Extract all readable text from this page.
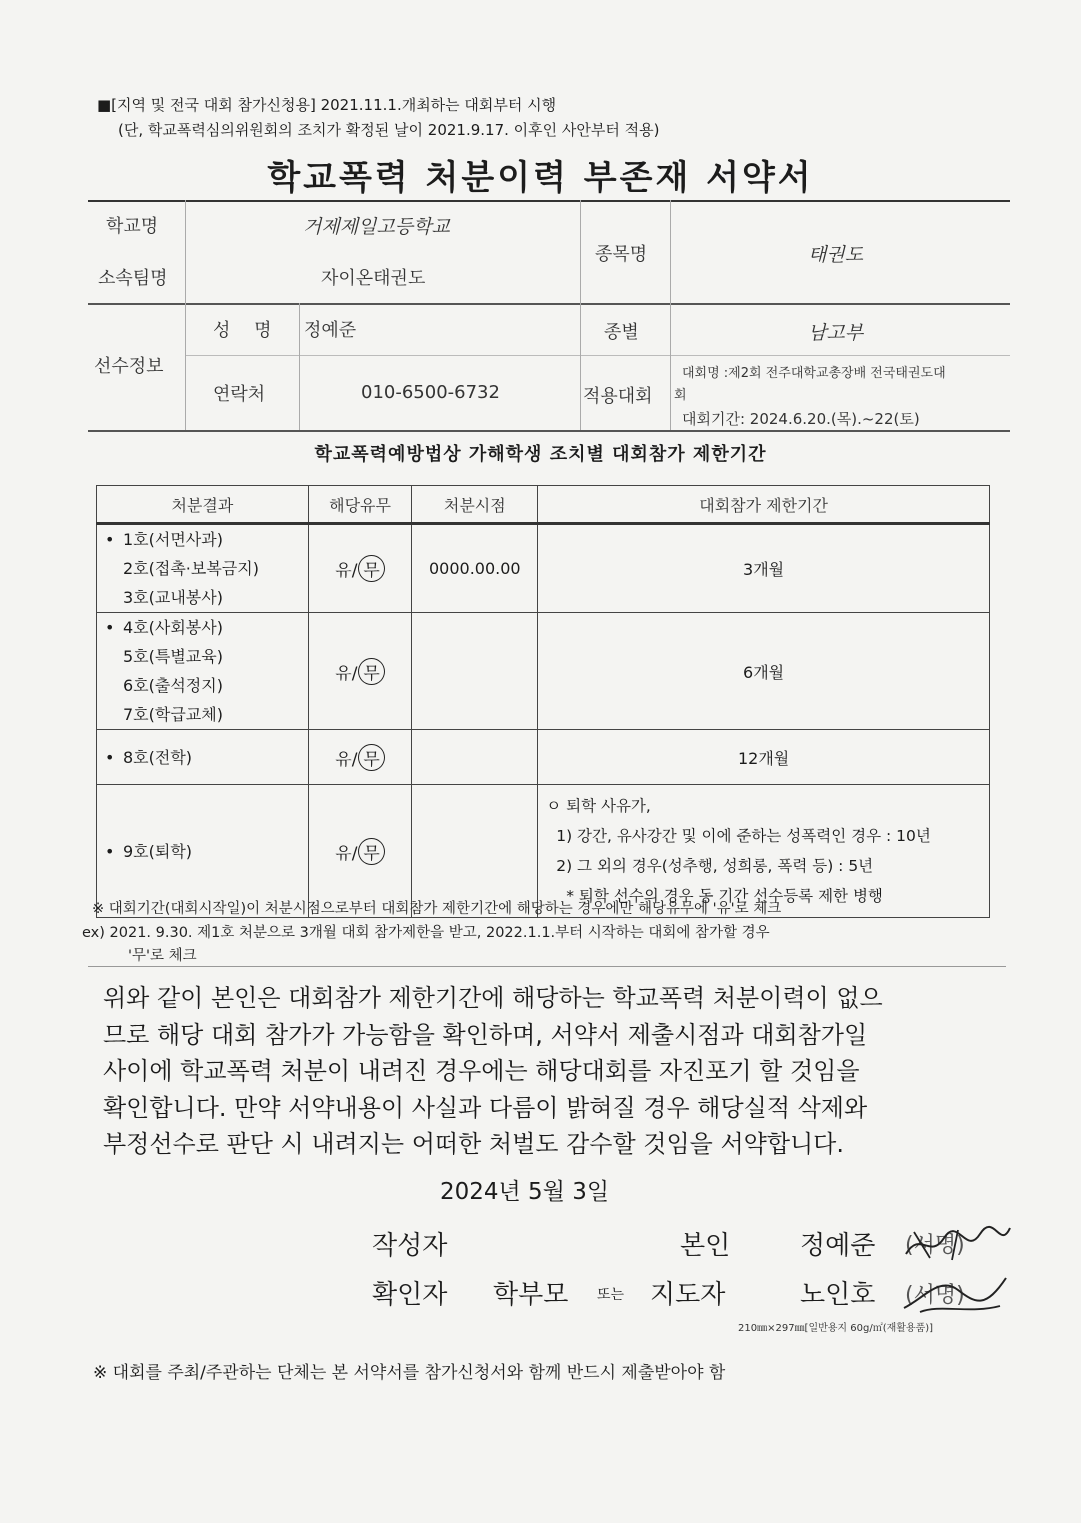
■[지역 및 전국 대회 참가신청용] 2021.11.1.개최하는 대회부터 시행
(단, 학교폭력심의위원회의 조치가 확정된 날이 2021.9.17. 이후인 사안부터 적용)
학교폭력 처분이력 부존재 서약서
학교명	거제제일고등학교
소속팀명	자이온태권도
종목명	태권도
선수정보
성 명 정예준	종별	남고부
연락처	010-6500-6732	적용대회
대회명 :제2회 전주대학교총장배 전국태권도대
회
대회기간: 2024.6.20.(목).~22(토)
학교폭력예방법상 가해학생 조치별 대회참가 제한기간
처분결과	해당유무	처분시점	대회참가 제한기간

• 1호(서면사과)
2호(접촉·보복금지)
3호(교내봉사)	유/ 무	0000.00.00	3개월

• 4호(사회봉사)
5호(특별교육)
6호(출석정지)
7호(학급교체)	유/ 무		6개월

• 8호(전학)	유/ 무		12개월

• 9호(퇴학)	유/ 무		ㅇ 퇴학 사유가,
1) 강간, 유사강간 및 이에 준하는 성폭력인 경우 : 10년
2) 그 외의 경우(성추행, 성희롱, 폭력 등) : 5년
* 퇴학 선수의 경우 동 기간 선수등록 제한 병행
※ 대회기간(대회시작일)이 처분시점으로부터 대회참가 제한기간에 해당하는 경우에만 해당유무에 '유'로 체크
ex) 2021. 9.30. 제1호 처분으로 3개월 대회 참가제한을 받고, 2022.1.1.부터 시작하는 대회에 참가할 경우
'무'로 체크
위와 같이 본인은 대회참가 제한기간에 해당하는 학교폭력 처분이력이 없으
므로 해당 대회 참가가 가능함을 확인하며, 서약서 제출시점과 대회참가일
사이에 학교폭력 처분이 내려진 경우에는 해당대회를 자진포기 할 것임을
확인합니다. 만약 서약내용이 사실과 다름이 밝혀질 경우 해당실적 삭제와
부정선수로 판단 시 내려지는 어떠한 처벌도 감수할 것임을 서약합니다.
2024년 5월 3일
작성자	본인	정예준 (서명)
확인자 학부모 또는 지도자	노인호 (서명)
210㎜×297㎜[일반용지 60g/㎡(재활용품)]
※ 대회를 주최/주관하는 단체는 본 서약서를 참가신청서와 함께 반드시 제출받아야 함
